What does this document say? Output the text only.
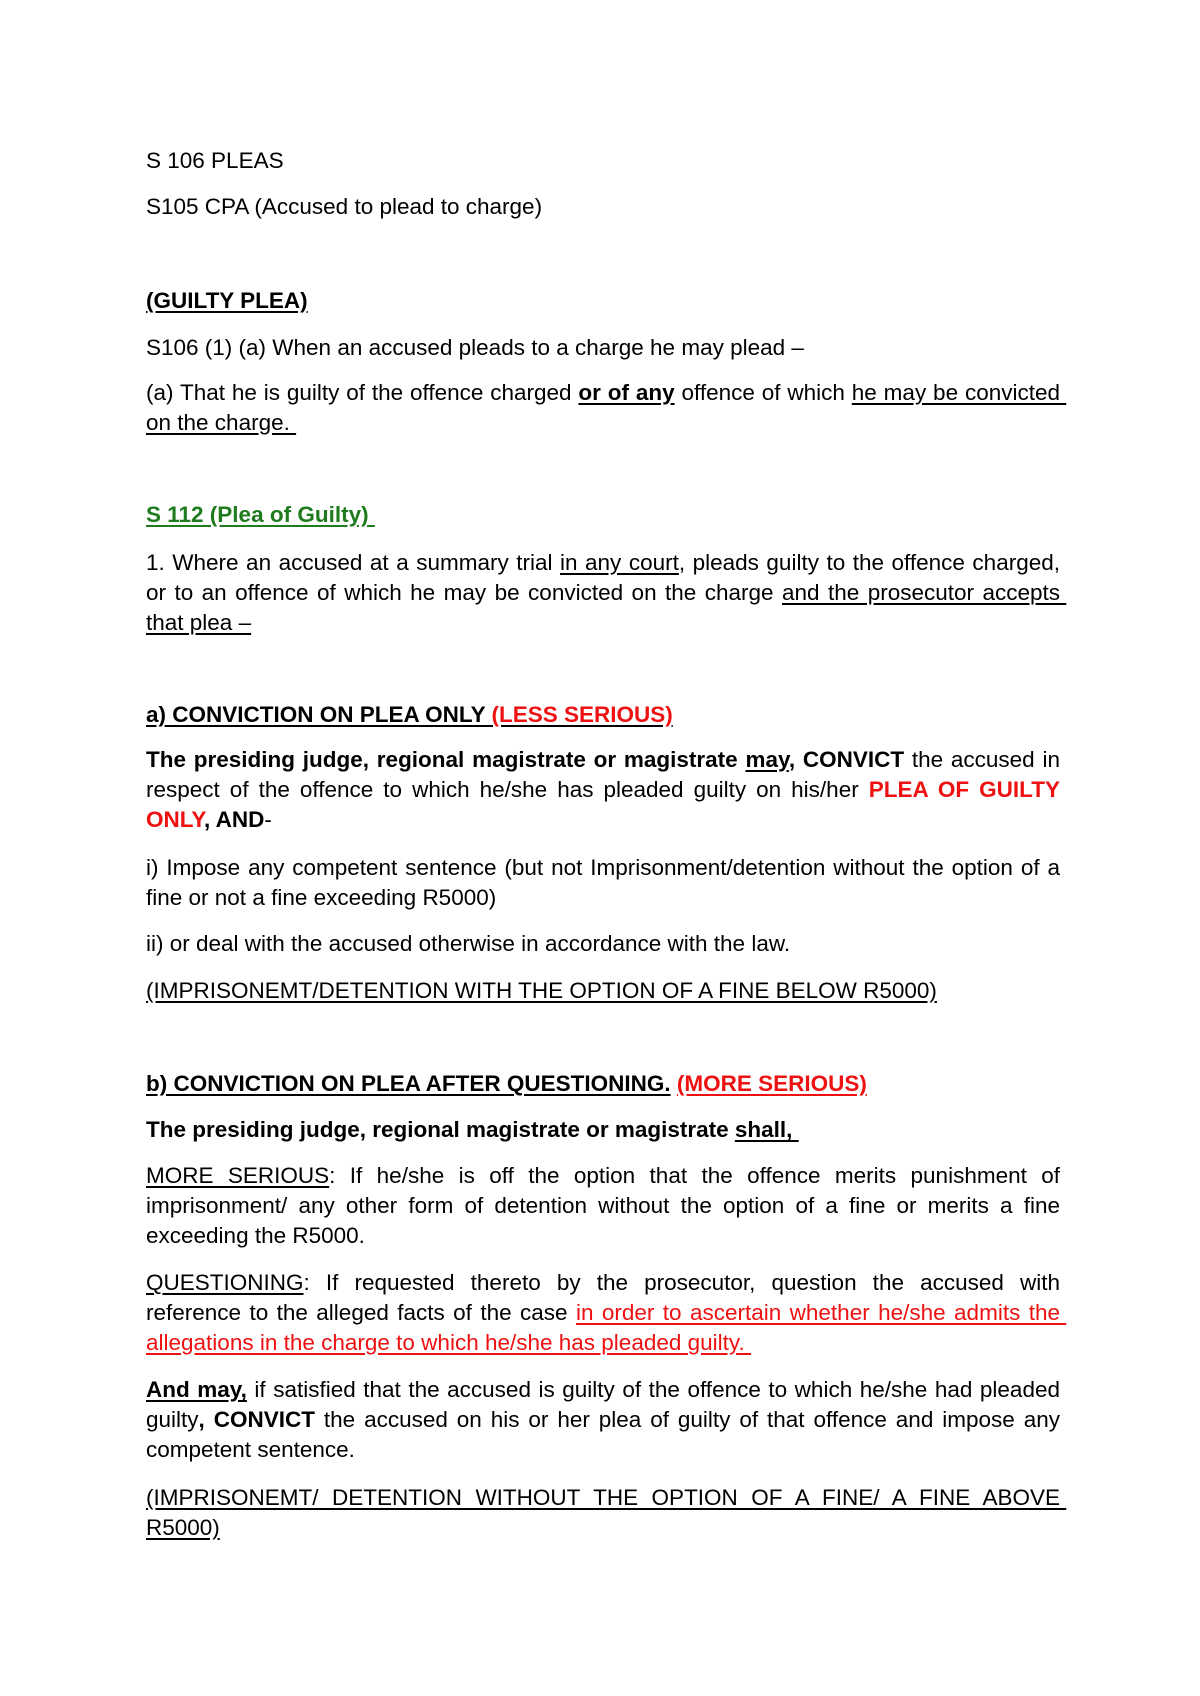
S 106 PLEAS

S105 CPA (Accused to plead to charge)

(GUILTY PLEA)

S106 (1) (a) When an accused pleads to a charge he may plead –

(a) That he is guilty of the offence charged or of any offence of which he may be convicted on the charge.

S 112 (Plea of Guilty)

1. Where an accused at a summary trial in any court, pleads guilty to the offence charged, or to an offence of which he may be convicted on the charge and the prosecutor accepts that plea –

a) CONVICTION ON PLEA ONLY (LESS SERIOUS)

The presiding judge, regional magistrate or magistrate may, CONVICT the accused in respect of the offence to which he/she has pleaded guilty on his/her PLEA OF GUILTY ONLY, AND-

i) Impose any competent sentence (but not Imprisonment/detention without the option of a fine or not a fine exceeding R5000)

ii) or deal with the accused otherwise in accordance with the law.

(IMPRISONEMT/DETENTION WITH THE OPTION OF A FINE BELOW R5000)

b) CONVICTION ON PLEA AFTER QUESTIONING. (MORE SERIOUS)

The presiding judge, regional magistrate or magistrate shall,

MORE SERIOUS: If he/she is off the option that the offence merits punishment of imprisonment/ any other form of detention without the option of a fine or merits a fine exceeding the R5000.

QUESTIONING: If requested thereto by the prosecutor, question the accused with reference to the alleged facts of the case in order to ascertain whether he/she admits the allegations in the charge to which he/she has pleaded guilty.

And may, if satisfied that the accused is guilty of the offence to which he/she had pleaded guilty, CONVICT the accused on his or her plea of guilty of that offence and impose any competent sentence.

(IMPRISONEMT/ DETENTION WITHOUT THE OPTION OF A FINE/ A FINE ABOVE R5000)
